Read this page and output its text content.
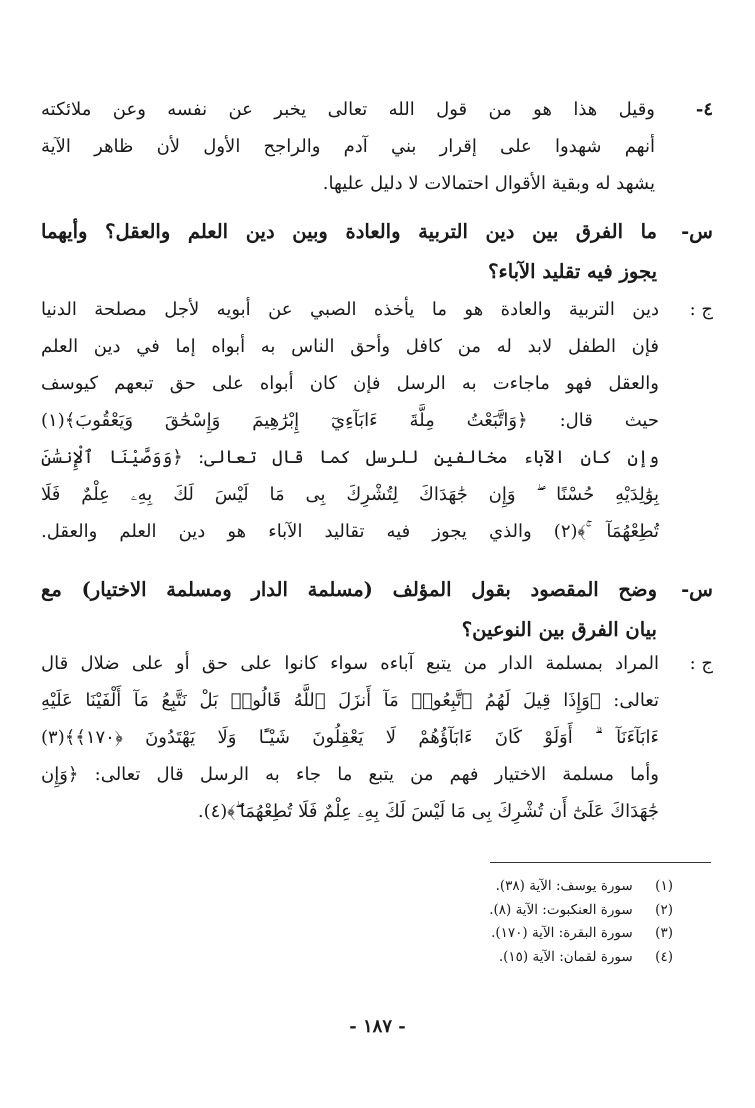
٤-
وقيل هذا هو من قول الله تعالى يخبر عن نفسه وعن ملائكته
أنهم شهدوا على إقرار بني آدم والراجح الأول لأن ظاهر الآية
يشهد له وبقية الأقوال احتمالات لا دليل عليها.
س-
ما الفرق بين دين التربية والعادة وبين دين العلم والعقل؟ وأيهما
يجوز فيه تقليد الآباء؟
ج :
دين التربية والعادة هو ما يأخذه الصبي عن أبويه لأجل مصلحة الدنيا
فإن الطفل لابد له من كافل وأحق الناس به أبواه إما في دين العلم
والعقل فهو ماجاءت به الرسل فإن كان أبواه على حق تبعهم كيوسف
حيث قال: ﴿وَاتَّبَعْتُ مِلَّةَ ءَابَآءِيٓ إِبْرَٰهِيمَ وَإِسْحَٰقَ وَيَعْقُوبَ﴾(١)
وإن كان الآباء مخالفين للرسل كما قال تعالى: ﴿وَوَصَّيْنَا ٱلْإِنسَٰنَ
بِوَٰلِدَيْهِ حُسْنًا ۖ وَإِن جَٰهَدَاكَ لِتُشْرِكَ بِى مَا لَيْسَ لَكَ بِهِۦ عِلْمٌ فَلَا
تُطِعْهُمَآ ۚ﴾(٢) والذي يجوز فيه تقاليد الآباء هو دين العلم والعقل.
س-
وضح المقصود بقول المؤلف (مسلمة الدار ومسلمة الاختيار) مع
بيان الفرق بين النوعين؟
ج :
المراد بمسلمة الدار من يتبع آباءه سواء كانوا على حق أو على ضلال قال
تعالى: ﴿وَإِذَا قِيلَ لَهُمُ ٱتَّبِعُوا۟ مَآ أَنزَلَ ٱللَّهُ قَالُوا۟ بَلْ نَتَّبِعُ مَآ أَلْفَيْنَا عَلَيْهِ
ءَابَآءَنَآ ۗ أَوَلَوْ كَانَ ءَابَآؤُهُمْ لَا يَعْقِلُونَ شَيْـًٔا وَلَا يَهْتَدُونَ ﴿١٧٠﴾﴾(٣)
وأما مسلمة الاختيار فهم من يتبع ما جاء به الرسل قال تعالى: ﴿وَإِن
جَٰهَدَاكَ عَلَىٰٓ أَن تُشْرِكَ بِى مَا لَيْسَ لَكَ بِهِۦ عِلْمٌ فَلَا تُطِعْهُمَا ۖ﴾(٤).
(١) سورة يوسف: الآية (٣٨).
(٢) سورة العنكبوت: الآية (٨).
(٣) سورة البقرة: الآية (١٧٠).
(٤) سورة لقمان: الآية (١٥).
- ١٨٧ -
